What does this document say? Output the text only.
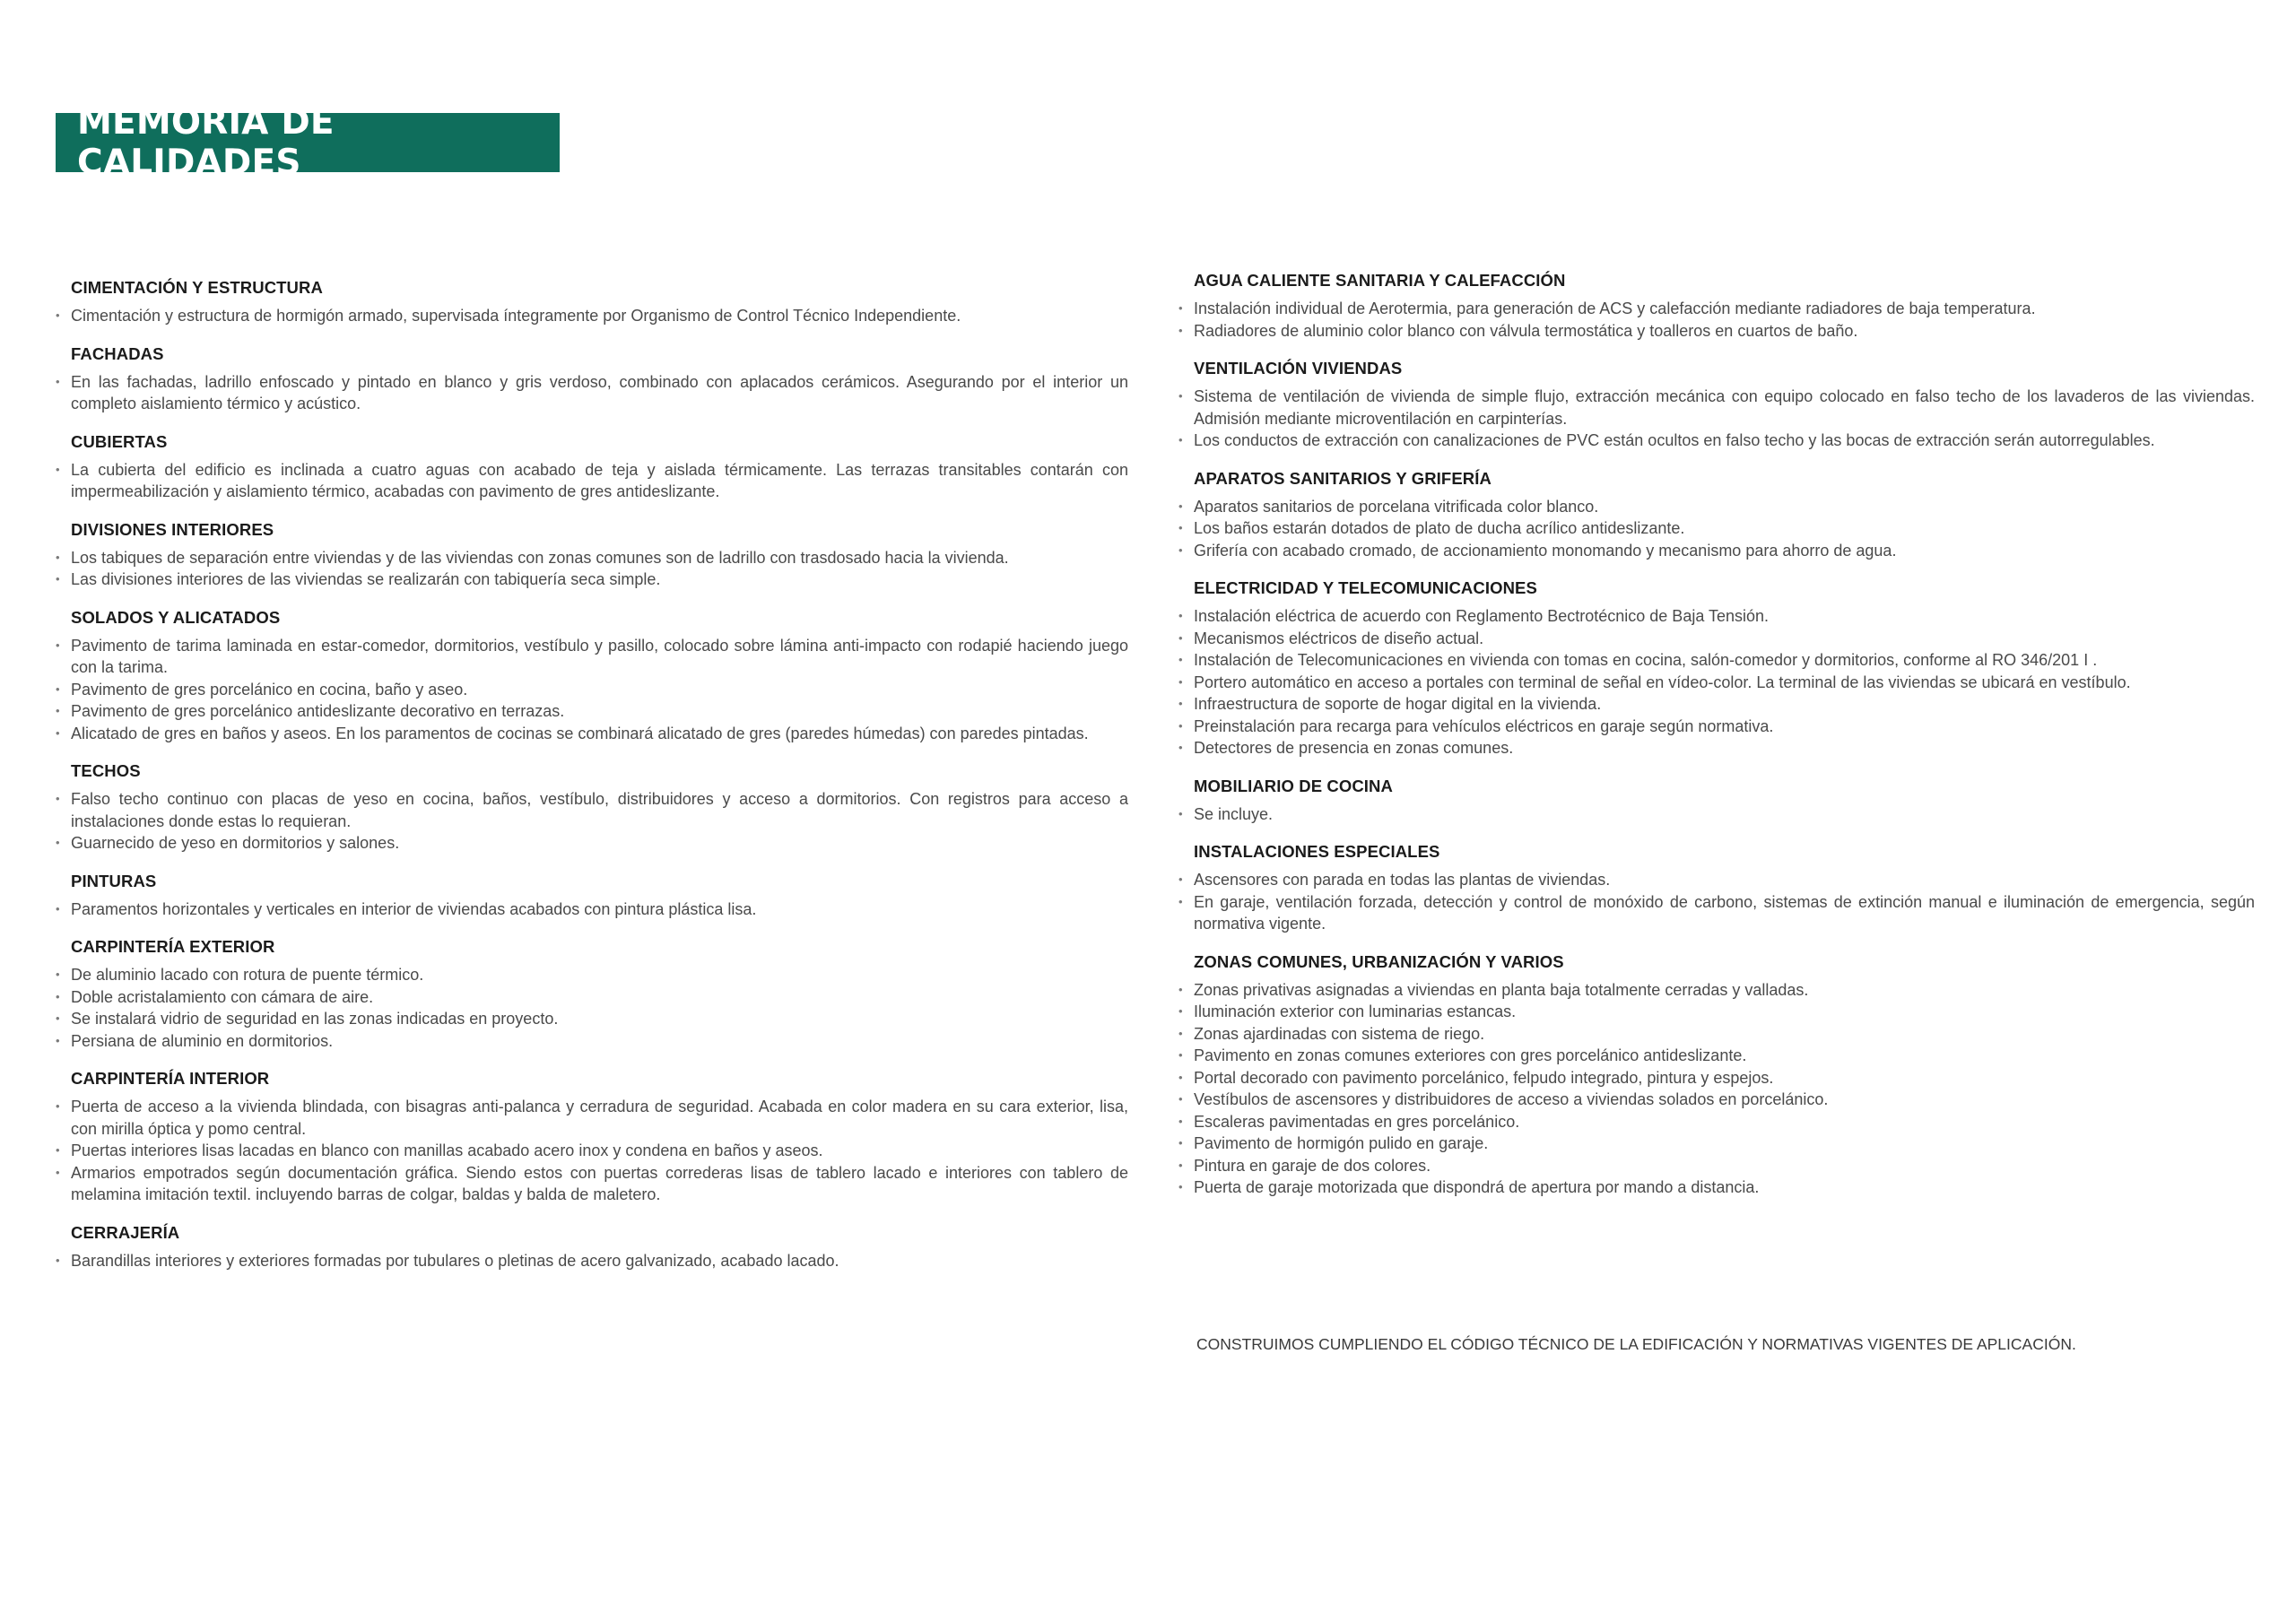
MEMORIA DE CALIDADES
CIMENTACIÓN Y ESTRUCTURA
• Cimentación y estructura de hormigón armado, supervisada íntegramente por Organismo de Control Técnico Independiente.
FACHADAS
• En las fachadas, ladrillo enfoscado y pintado en blanco y gris verdoso, combinado con aplacados cerámicos. Asegurando por el interior un completo aislamiento térmico y acústico.
CUBIERTAS
• La cubierta del edificio es inclinada a cuatro aguas con acabado de teja y aislada térmicamente. Las terrazas transitables contarán con impermeabilización y aislamiento térmico, acabadas con pavimento de gres antideslizante.
DIVISIONES INTERIORES
• Los tabiques de separación entre viviendas y de las viviendas con zonas comunes son de ladrillo con trasdosado hacia la vivienda.
• Las divisiones interiores de las viviendas se realizarán con tabiquería seca simple.
SOLADOS Y ALICATADOS
• Pavimento de tarima laminada en estar-comedor, dormitorios, vestíbulo y pasillo, colocado sobre lámina anti-impacto con rodapié haciendo juego con la tarima.
• Pavimento de gres porcelánico en cocina, baño y aseo.
• Pavimento de gres porcelánico antideslizante decorativo en terrazas.
• Alicatado de gres en baños y aseos. En los paramentos de cocinas se combinará alicatado de gres (paredes húmedas) con paredes pintadas.
TECHOS
• Falso techo continuo con placas de yeso en cocina, baños, vestíbulo, distribuidores y acceso a dormitorios. Con registros para acceso a instalaciones donde estas lo requieran.
• Guarnecido de yeso en dormitorios y salones.
PINTURAS
• Paramentos horizontales y verticales en interior de viviendas acabados con pintura plástica lisa.
CARPINTERÍA EXTERIOR
• De aluminio lacado con rotura de puente térmico.
• Doble acristalamiento con cámara de aire.
• Se instalará vidrio de seguridad en las zonas indicadas en proyecto.
• Persiana de aluminio en dormitorios.
CARPINTERÍA INTERIOR
• Puerta de acceso a la vivienda blindada, con bisagras anti-palanca y cerradura de seguridad. Acabada en color madera en su cara exterior, lisa, con mirilla óptica y pomo central.
• Puertas interiores lisas lacadas en blanco con manillas acabado acero inox y condena en baños y aseos.
• Armarios empotrados según documentación gráfica. Siendo estos con puertas correderas lisas de tablero lacado e interiores con tablero de melamina imitación textil. incluyendo barras de colgar, baldas y balda de maletero.
CERRAJERÍA
• Barandillas interiores y exteriores formadas por tubulares o pletinas de acero galvanizado, acabado lacado.
AGUA CALIENTE SANITARIA Y CALEFACCIÓN
• Instalación individual de Aerotermia, para generación de ACS y calefacción mediante radiadores de baja temperatura.
• Radiadores de aluminio color blanco con válvula termostática y toalleros en cuartos de baño.
VENTILACIÓN VIVIENDAS
• Sistema de ventilación de vivienda de simple flujo, extracción mecánica con equipo colocado en falso techo de los lavaderos de las viviendas. Admisión mediante microventilación en carpinterías.
• Los conductos de extracción con canalizaciones de PVC están ocultos en falso techo y las bocas de extracción serán autorregulables.
APARATOS SANITARIOS Y GRIFERÍA
• Aparatos sanitarios de porcelana vitrificada color blanco.
• Los baños estarán dotados de plato de ducha acrílico antideslizante.
• Grifería con acabado cromado, de accionamiento monomando y mecanismo para ahorro de agua.
ELECTRICIDAD Y TELECOMUNICACIONES
• Instalación eléctrica de acuerdo con Reglamento Bectrotécnico de Baja Tensión.
• Mecanismos eléctricos de diseño actual.
• Instalación de Telecomunicaciones en vivienda con tomas en cocina, salón-comedor y dormitorios, conforme al RO 346/201 I .
• Portero automático en acceso a portales con terminal de señal en vídeo-color. La terminal de las viviendas se ubicará en vestíbulo.
• Infraestructura de soporte de hogar digital en la vivienda.
• Preinstalación para recarga para vehículos eléctricos en garaje según normativa.
• Detectores de presencia en zonas comunes.
MOBILIARIO DE COCINA
• Se incluye.
INSTALACIONES ESPECIALES
• Ascensores con parada en todas las plantas de viviendas.
• En garaje, ventilación forzada, detección y control de monóxido de carbono, sistemas de extinción manual e iluminación de emergencia, según normativa vigente.
ZONAS COMUNES, URBANIZACIÓN Y VARIOS
• Zonas privativas asignadas a viviendas en planta baja totalmente cerradas y valladas.
• Iluminación exterior con luminarias estancas.
• Zonas ajardinadas con sistema de riego.
• Pavimento en zonas comunes exteriores con gres porcelánico antideslizante.
• Portal decorado con pavimento porcelánico, felpudo integrado, pintura y espejos.
• Vestíbulos de ascensores y distribuidores de acceso a viviendas solados en porcelánico.
• Escaleras pavimentadas en gres porcelánico.
• Pavimento de hormigón pulido en garaje.
• Pintura en garaje de dos colores.
• Puerta de garaje motorizada que dispondrá de apertura por mando a distancia.
CONSTRUIMOS CUMPLIENDO EL CÓDIGO TÉCNICO DE LA EDIFICACIÓN Y NORMATIVAS VIGENTES DE APLICACIÓN.
